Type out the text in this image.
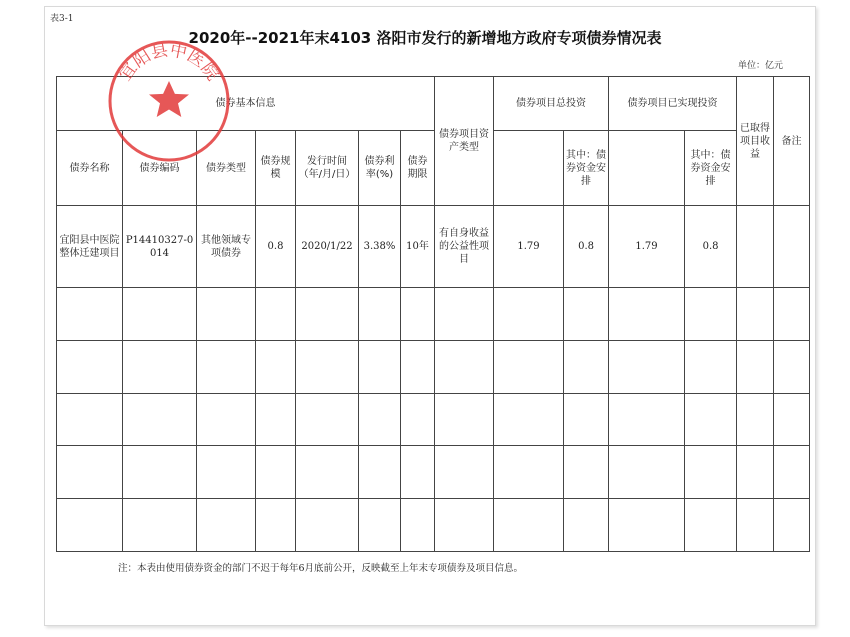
表3-1
2020年--2021年末4103 洛阳市发行的新增地方政府专项债券情况表
单位：亿元
债券基本信息							债券项目资产类型	债券项目总投资		债券项目已实现投资		已取得项目收益	备注
债券名称	债券编码	债券类型	债券规模	发行时间（年/月/日）	债券利率(%)	债券期限			其中：债券资金安排		其中：债券资金安排		
宜阳县中医院整体迁建项目	P14410327-0014	其他领域专项债券	0.8	2020/1/22	3.38%	10年	有自身收益的公益性项目	1.79	0.8	1.79	0.8		

注：本表由使用债券资金的部门不迟于每年6月底前公开，反映截至上年末专项债券及项目信息。
宜阳县中医院
